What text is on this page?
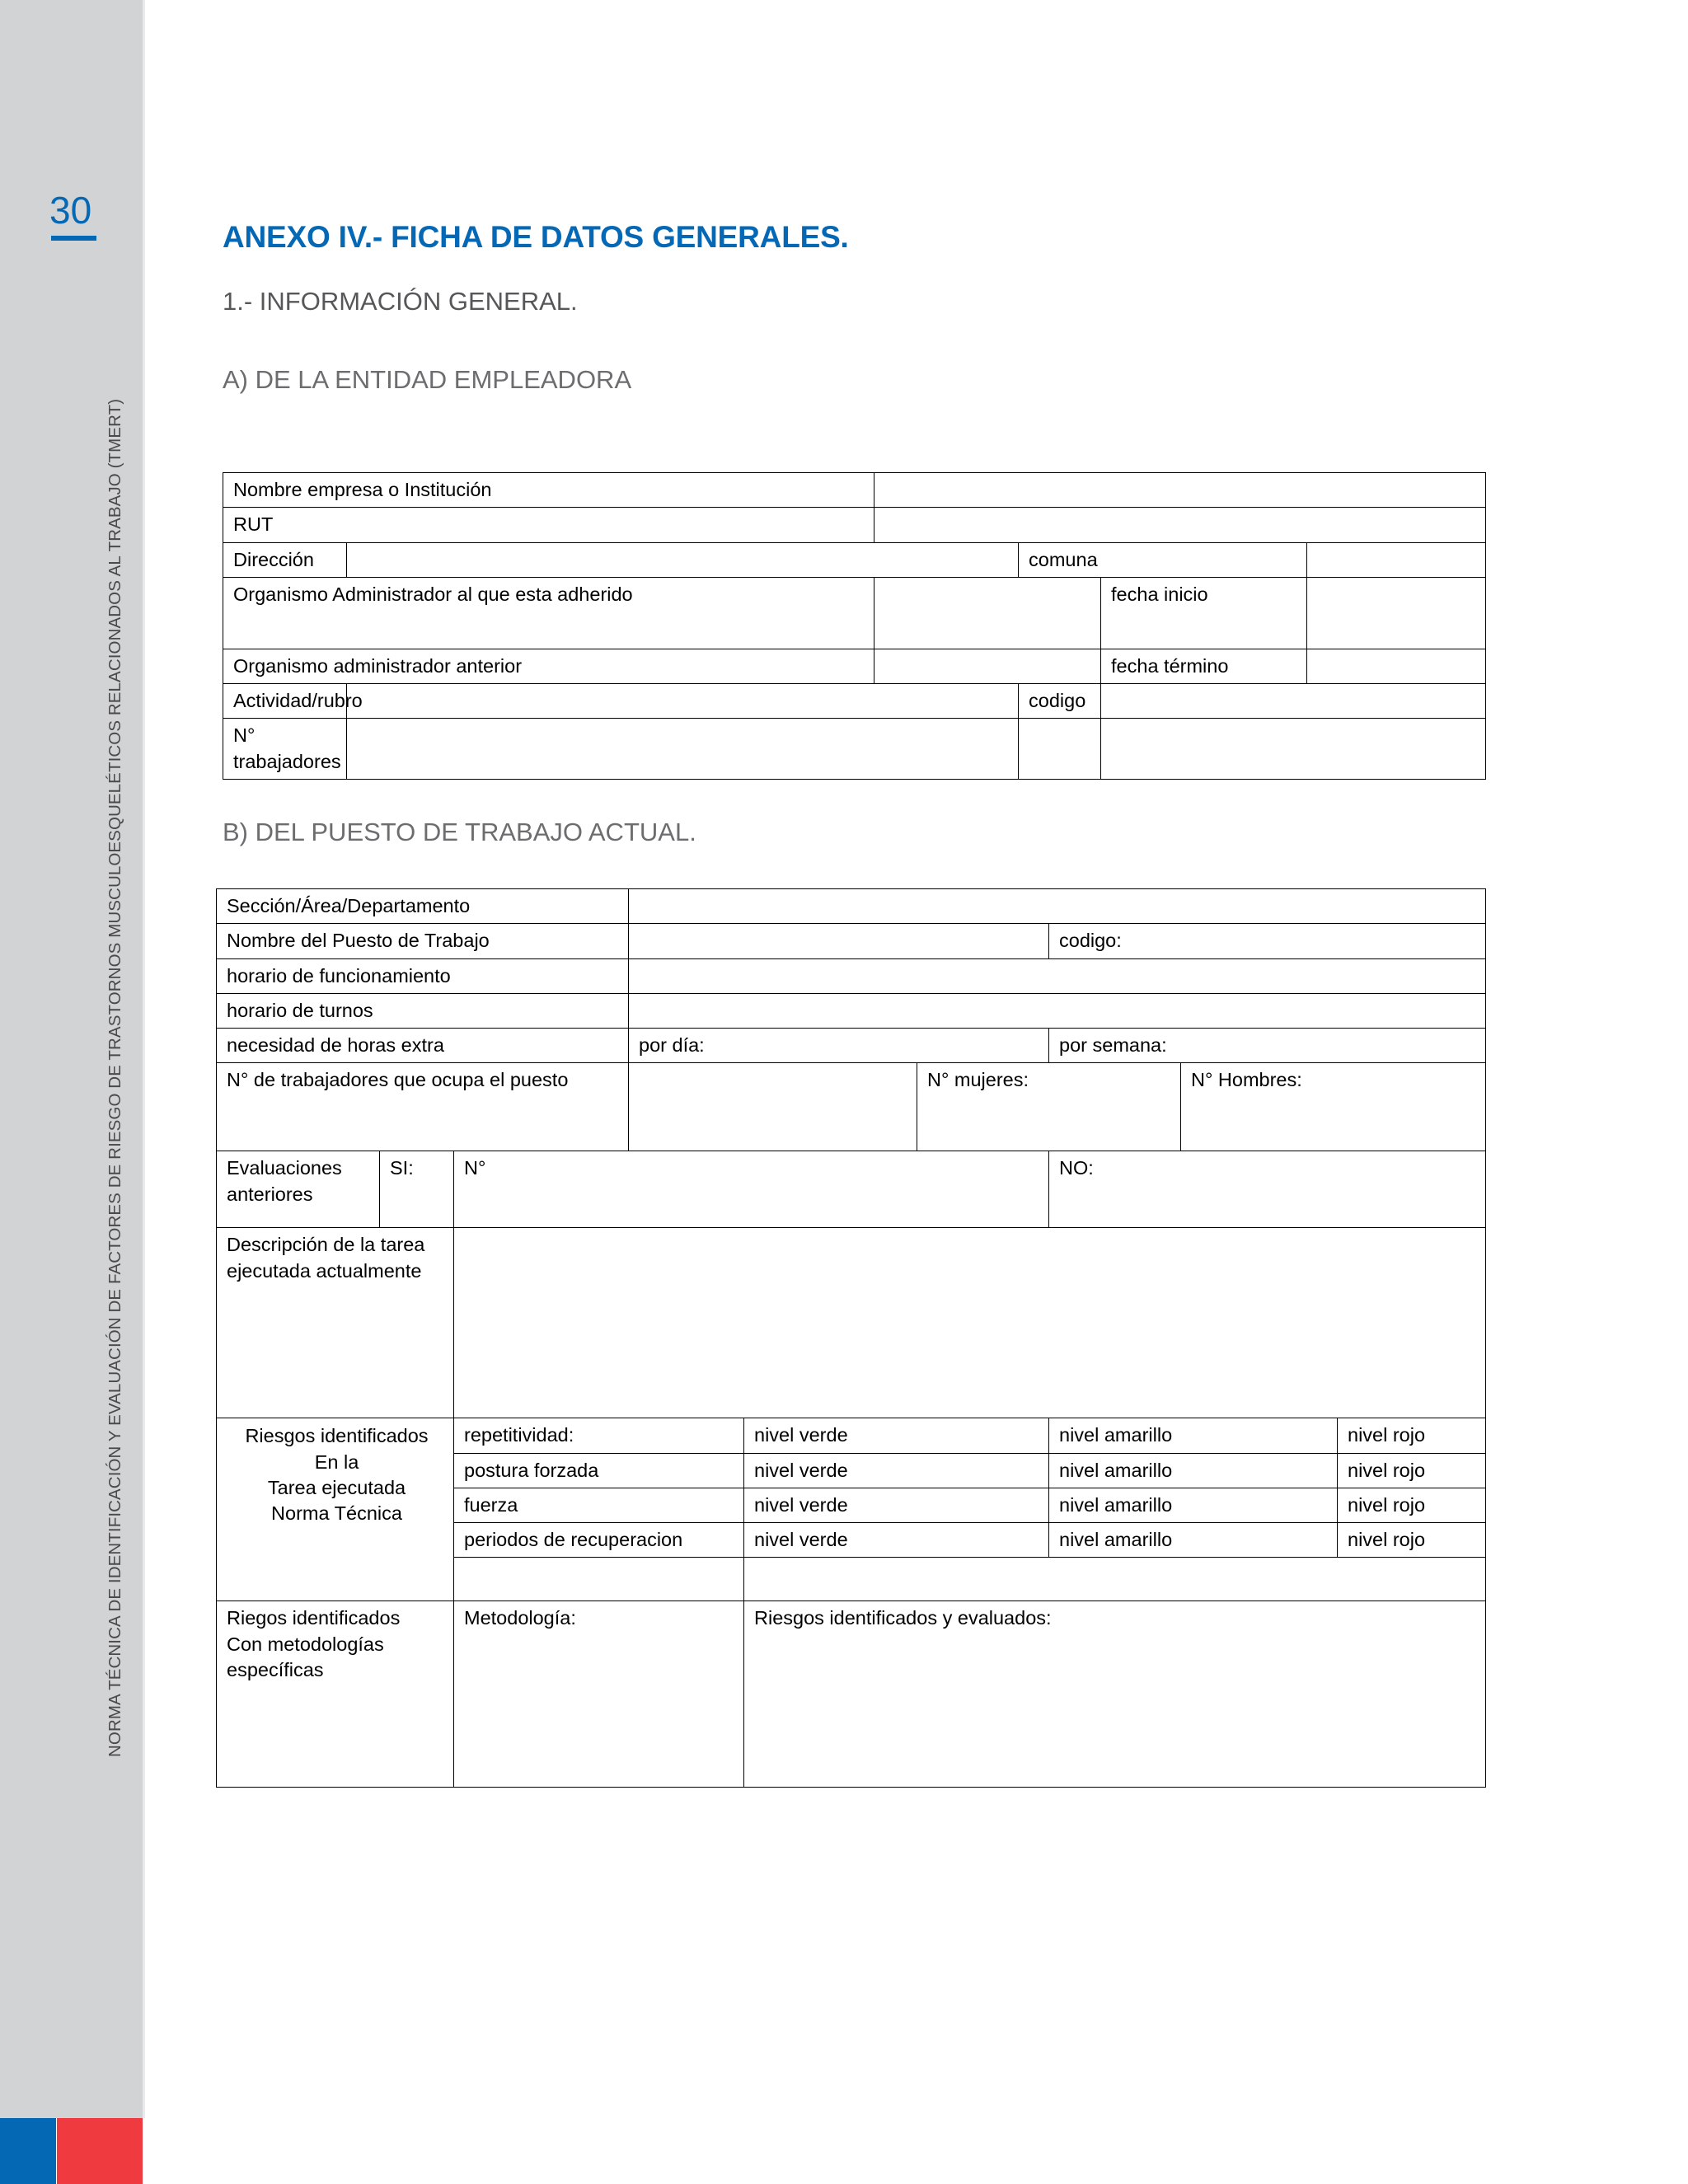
30
NORMA TÉCNICA DE IDENTIFICACIÓN Y EVALUACIÓN DE FACTORES DE RIESGO DE TRASTORNOS MUSCULOESQUELÉTICOS RELACIONADOS AL TRABAJO (TMERT)
ANEXO IV.- FICHA DE DATOS GENERALES.
1.- INFORMACIÓN GENERAL.
A) DE LA ENTIDAD EMPLEADORA
B) DEL PUESTO DE TRABAJO ACTUAL.
Nombre empresa o Institución					
RUT					
Dirección			comuna		
Organismo Administrador al que esta adherido				fecha inicio	
Organismo administrador anterior				fecha término	
Actividad/rubro			codigo		
N° trabajadores					
Sección/Área/Departamento								
Nombre del Puesto de Trabajo						codigo:		
horario de funcionamiento								
horario de turnos								
necesidad de horas extra			por día:			por semana:		
N° de trabajadores que ocupa el puesto					N° mujeres:		N° Hombres:	
Evaluaciones anteriores	SI:	N°				NO:		
Descripción de la tarea ejecutada actualmente								

Riesgos identificados
En la
Tarea ejecutada
Norma Técnica		repetitividad:		nivel verde		nivel amarillo		nivel rojo
		postura forzada		nivel verde		nivel amarillo		nivel rojo
		fuerza		nivel verde		nivel amarillo		nivel rojo
		periodos de recuperacion		nivel verde		nivel amarillo		nivel rojo

Riegos identificados
Con metodologías
específicas		Metodología:		Riesgos identificados y evaluados:				
